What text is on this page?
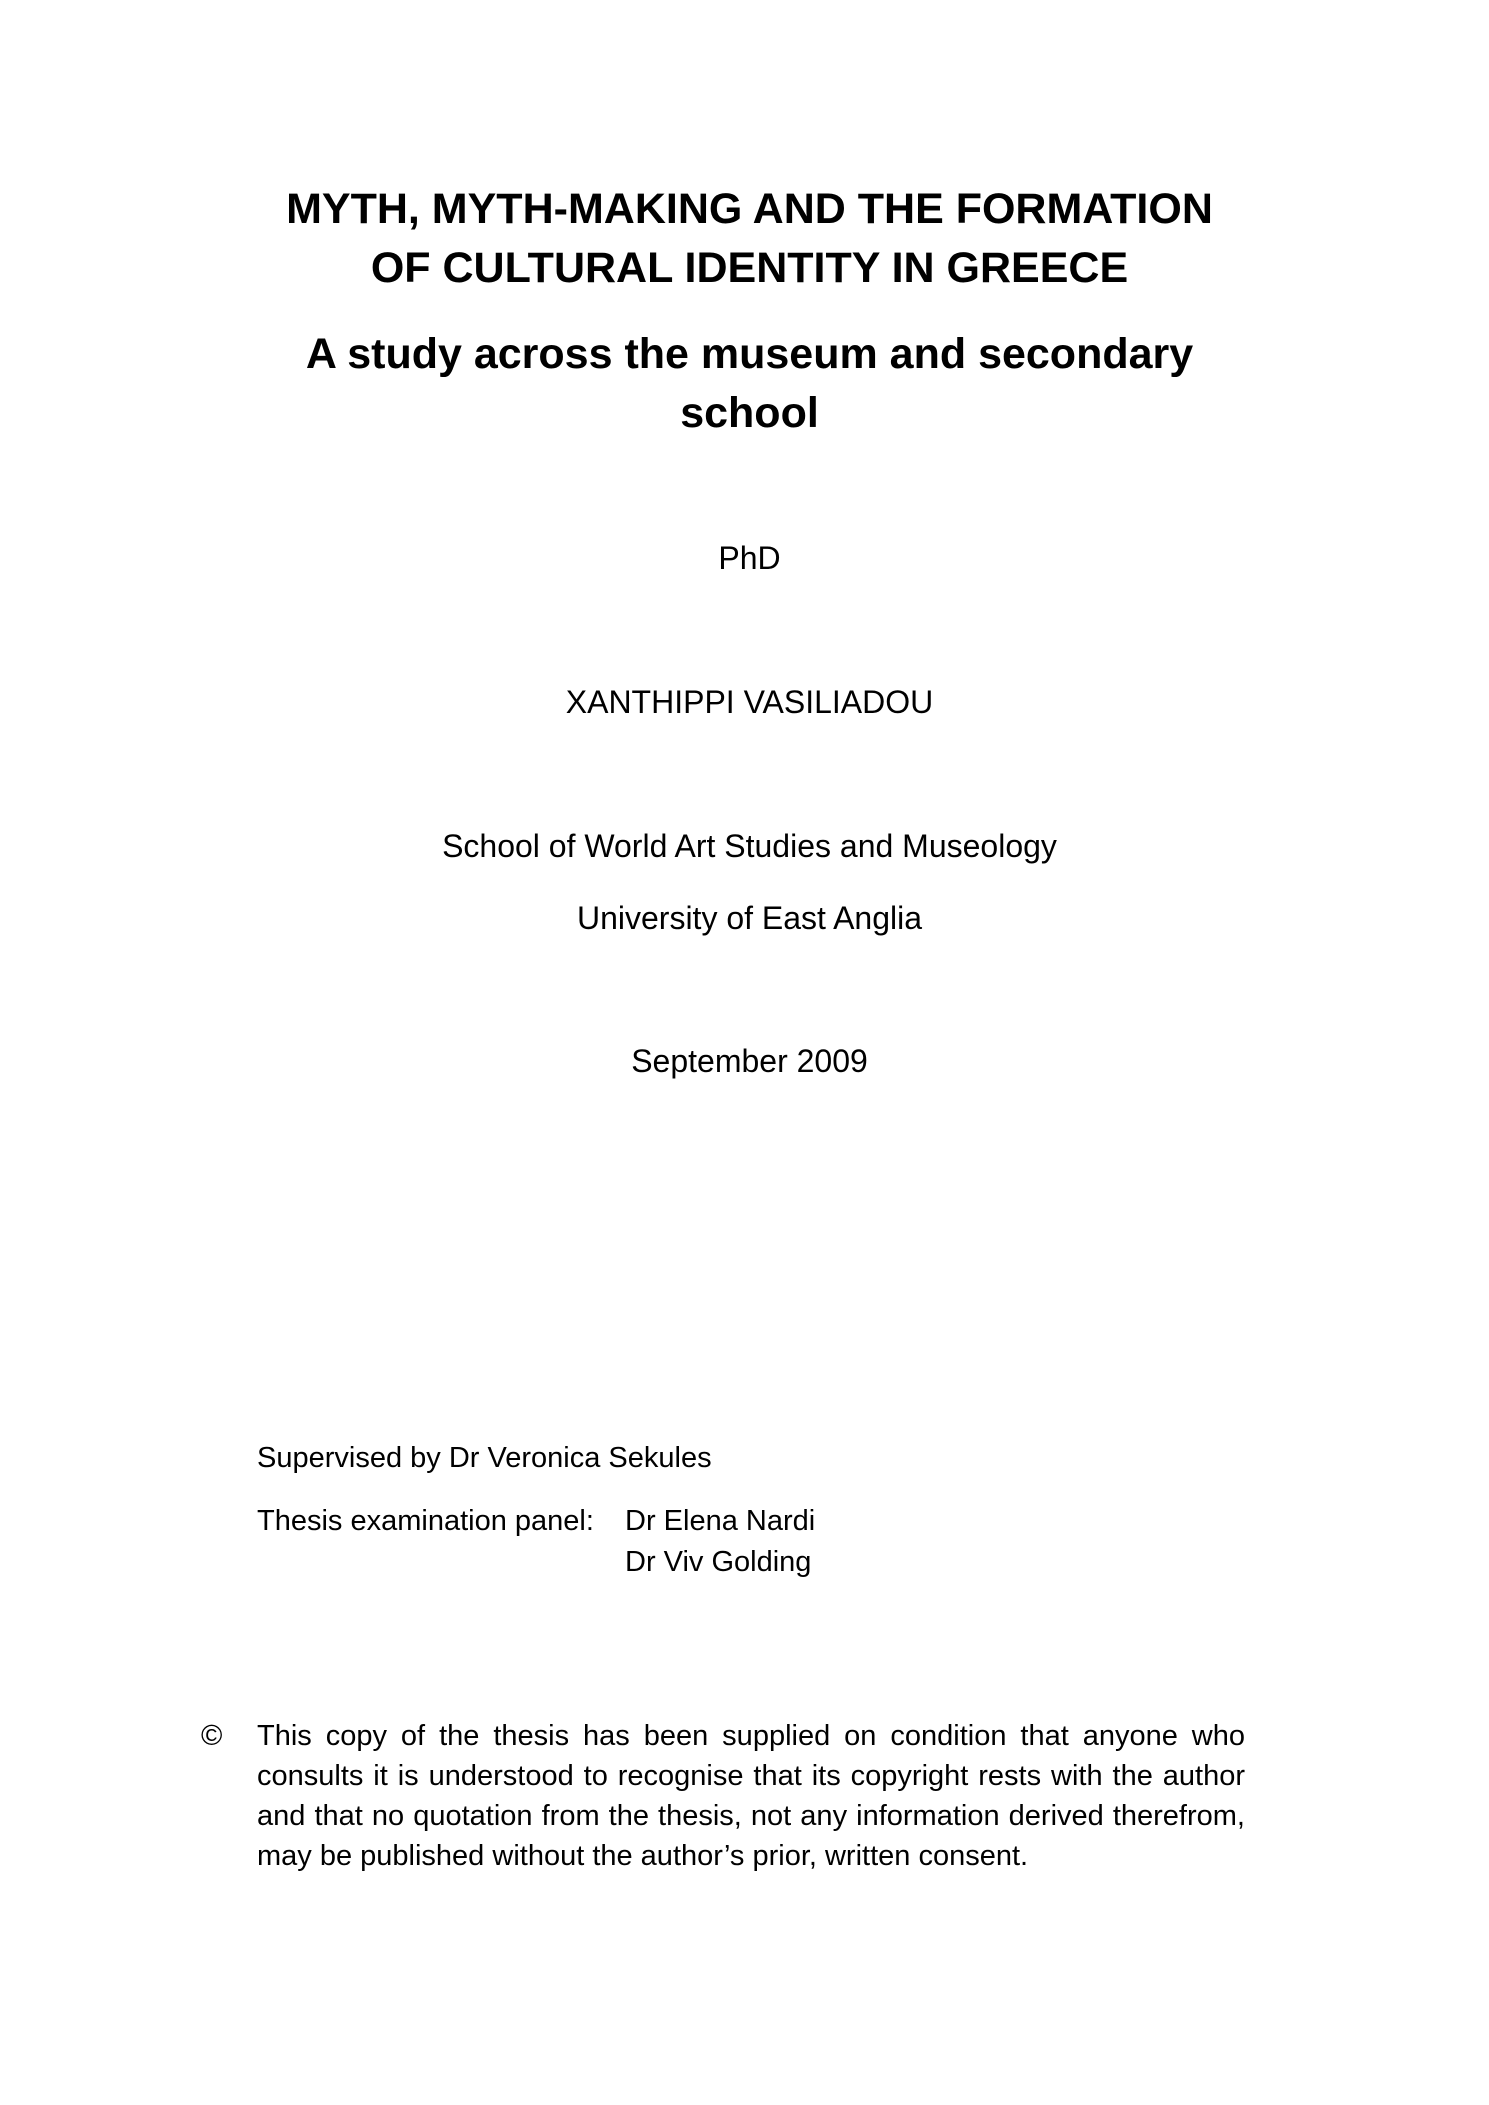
MYTH, MYTH-MAKING AND THE FORMATION
OF CULTURAL IDENTITY IN GREECE
A study across the museum and secondary
school
PhD
XANTHIPPI VASILIADOU
School of World Art Studies and Museology
University of East Anglia
September 2009
Supervised by Dr Veronica Sekules
Thesis examination panel: Dr Elena Nardi
Dr Viv Golding
© This copy of the thesis has been supplied on condition that anyone who consults it is understood to recognise that its copyright rests with the author and that no quotation from the thesis, not any information derived therefrom, may be published without the author’s prior, written consent.
